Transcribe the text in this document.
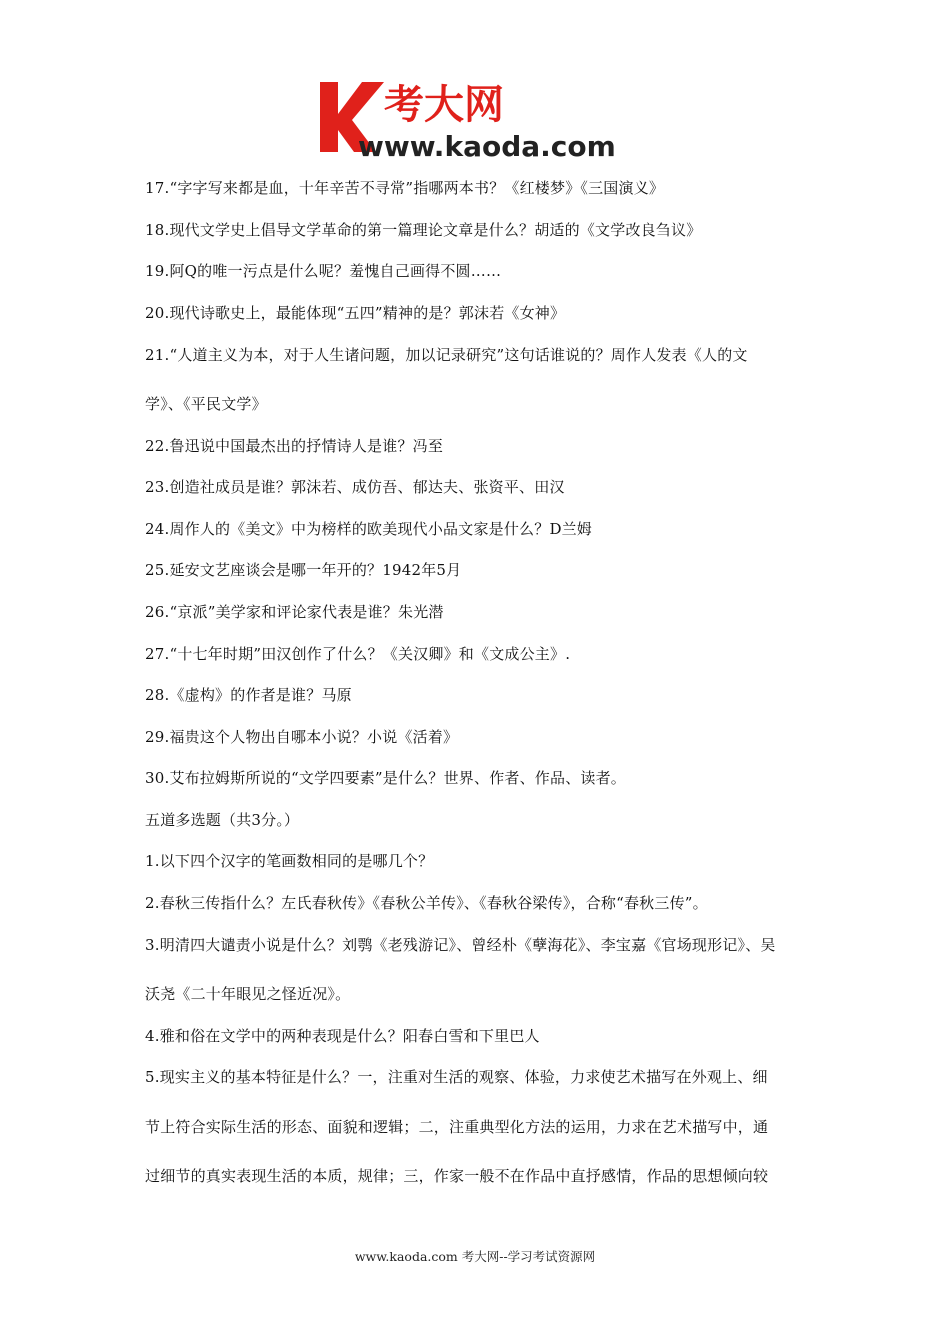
考大网
www.kaoda.com
17.“字字写来都是血，十年辛苦不寻常”指哪两本书？《红楼梦》《三国演义》
18.现代文学史上倡导文学革命的第一篇理论文章是什么？胡适的《文学改良刍议》
19.阿Q的唯一污点是什么呢？羞愧自己画得不圆……
20.现代诗歌史上，最能体现“五四”精神的是？郭沫若《女神》
21.“人道主义为本，对于人生诸问题，加以记录研究”这句话谁说的？周作人发表《人的文
学》、《平民文学》
22.鲁迅说中国最杰出的抒情诗人是谁？冯至
23.创造社成员是谁？郭沫若、成仿吾、郁达夫、张资平、田汉
24.周作人的《美文》中为榜样的欧美现代小品文家是什么？D兰姆
25.延安文艺座谈会是哪一年开的？1942年5月
26.“京派”美学家和评论家代表是谁？朱光潜
27.“十七年时期”田汉创作了什么？《关汉卿》和《文成公主》.
28.《虚构》的作者是谁？马原
29.福贵这个人物出自哪本小说？小说《活着》
30.艾布拉姆斯所说的“文学四要素”是什么？世界、作者、作品、读者。
五道多选题（共3分。）
1.以下四个汉字的笔画数相同的是哪几个？
2.春秋三传指什么？左氏春秋传》《春秋公羊传》、《春秋谷梁传》，合称“春秋三传”。
3.明清四大谴责小说是什么？刘鹗《老残游记》、曾经朴《孽海花》、李宝嘉《官场现形记》、吴
沃尧《二十年眼见之怪近况》。
4.雅和俗在文学中的两种表现是什么？阳春白雪和下里巴人
5.现实主义的基本特征是什么？一，注重对生活的观察、体验，力求使艺术描写在外观上、细
节上符合实际生活的形态、面貌和逻辑；二，注重典型化方法的运用，力求在艺术描写中，通
过细节的真实表现生活的本质，规律；三，作家一般不在作品中直抒感情，作品的思想倾向较
www.kaoda.com 考大网--学习考试资源网
